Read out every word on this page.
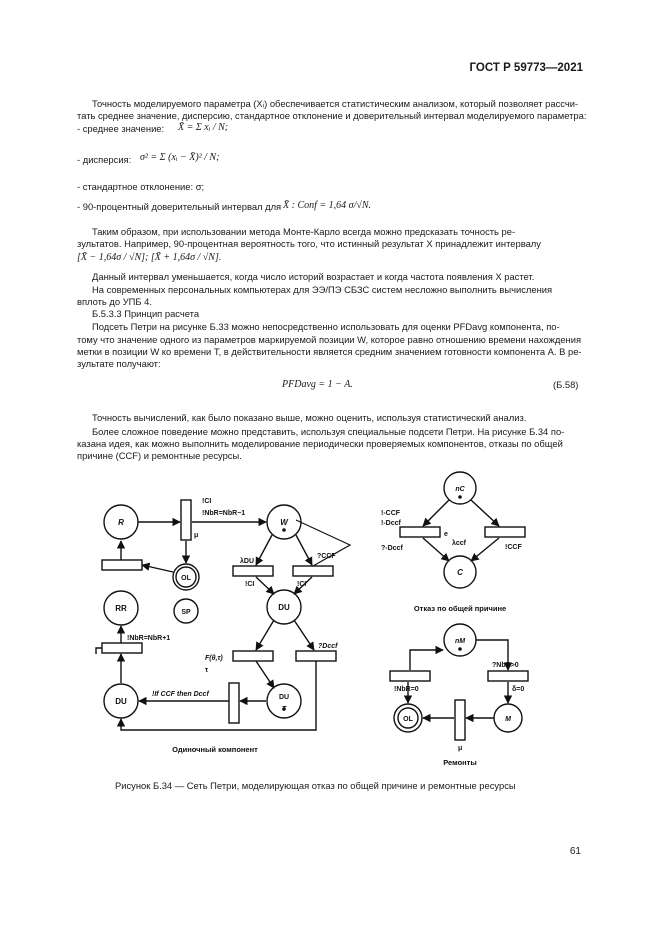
ГОСТ Р 59773—2021
Точность моделируемого параметра (Xᵢ) обеспечивается статистическим анализом, который позволяет рассчи-
тать среднее значение, дисперсию, стандартное отклонение и доверительный интервал моделируемого параметра:
- среднее значение: X̄ = Σ xᵢ / N;
- дисперсия: σ² = Σ (xᵢ − X̄)² / N;
- стандартное отклонение: σ;
- 90-процентный доверительный интервал для X̄ : Conf = 1,64 σ/√N.
Таким образом, при использовании метода Монте-Карло всегда можно предсказать точность ре-
зультатов. Например, 90-процентная вероятность того, что истинный результат X принадлежит интервалу
[X̄ − 1,64σ / √N]; [X̄ + 1,64σ / √N].
Данный интервал уменьшается, когда число историй возрастает и когда частота появления X растет.
На современных персональных компьютерах для ЭЭ/ПЭ СБЗС систем несложно выполнить вычисления
вплоть до УПБ 4.
Б.5.3.3 Принцип расчета
Подсеть Петри на рисунке Б.33 можно непосредственно использовать для оценки PFDavg компонента, по-
тому что значение одного из параметров маркируемой позиции W, которое равно отношению времени нахождения
метки в позиции W ко времени T, в действительности является средним значением готовности компонента A. В ре-
зультате получают:
PFDavg = 1 − A.	(Б.58)
Точность вычислений, как было показано выше, можно оценить, используя статистический анализ.
Более сложное поведение можно представить, используя специальные подсети Петри. На рисунке Б.34 по-
казана идея, как можно выполнить моделирование периодически проверяемых компонентов, отказы по общей
причине (CCF) и ремонтные ресурсы.
R	W
OL
SP
RR	DU
DU	DU
T
!CI
!NbR=NbR−1
μ
λDU
!CI	!CI
?CCF
!NbR=NbR+1
F(θ,τ)
τ
?Dccf
!If CCF then Dccf
Одиночный компонент
nC
C
!-CCF
!-Dccf
?-Dccf
e
λccf
!CCF
Отказ по общей причине
nM
OL	M
?NbR>0
!NbR=0	δ=0
μ
Ремонты
Рисунок Б.34 — Сеть Петри, моделирующая отказ по общей причине и ремонтные ресурсы
61
